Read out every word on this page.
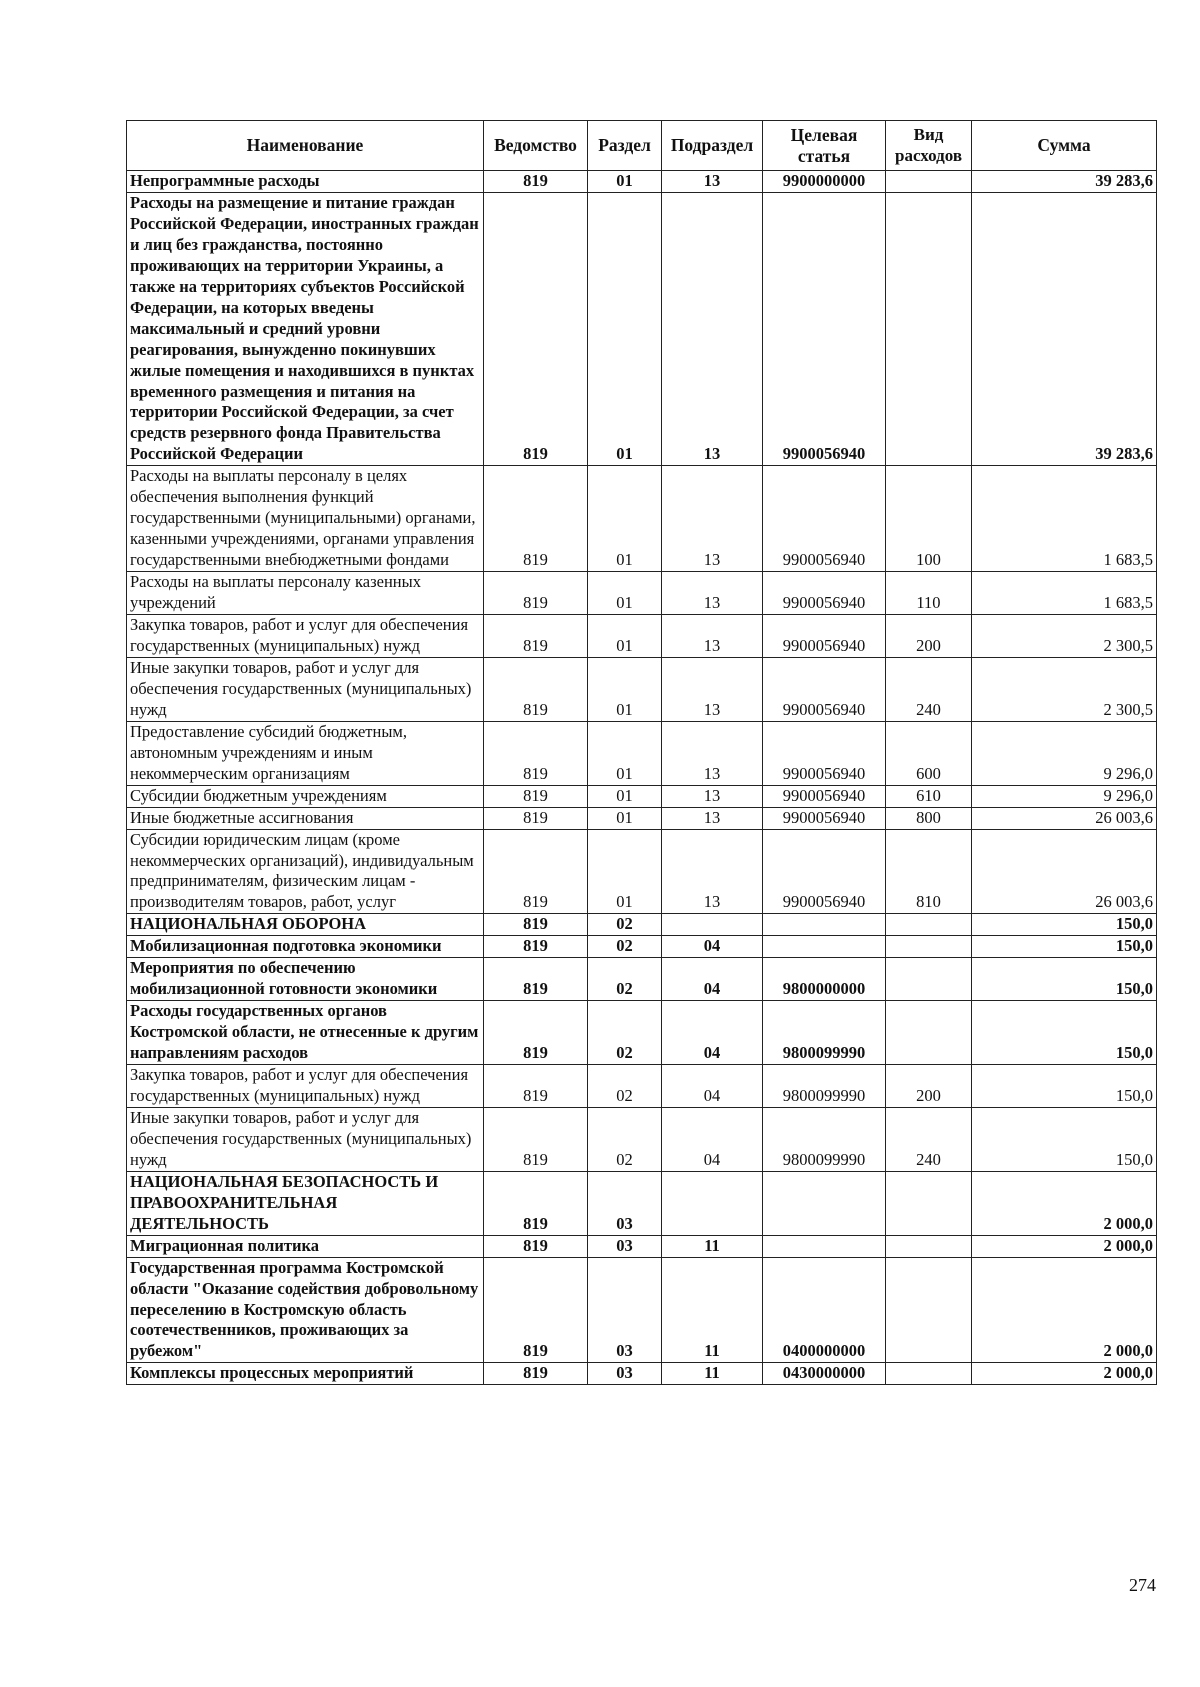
Наименование	Ведомство	Раздел	Подраздел	Целевая статья	Вид расходов	Сумма
Непрограммные расходы	819	01	13	9900000000		39 283,6
Расходы на размещение и питание граждан Российской Федерации, иностранных граждан и лиц без гражданства, постоянно проживающих на территории Украины, а также на территориях субъектов Российской Федерации, на которых введены максимальный и средний уровни реагирования, вынужденно покинувших жилые помещения и находившихся в пунктах временного размещения и питания на территории Российской Федерации, за счет средств резервного фонда Правительства Российской Федерации	819	01	13	9900056940		39 283,6
Расходы на выплаты персоналу в целях обеспечения выполнения функций государственными (муниципальными) органами, казенными учреждениями, органами управления государственными внебюджетными фондами	819	01	13	9900056940	100	1 683,5
Расходы на выплаты персоналу казенных учреждений	819	01	13	9900056940	110	1 683,5
Закупка товаров, работ и услуг для обеспечения государственных (муниципальных) нужд	819	01	13	9900056940	200	2 300,5
Иные закупки товаров, работ и услуг для обеспечения государственных (муниципальных) нужд	819	01	13	9900056940	240	2 300,5
Предоставление субсидий бюджетным, автономным учреждениям и иным некоммерческим организациям	819	01	13	9900056940	600	9 296,0
Субсидии бюджетным учреждениям	819	01	13	9900056940	610	9 296,0
Иные бюджетные ассигнования	819	01	13	9900056940	800	26 003,6
Субсидии юридическим лицам (кроме некоммерческих организаций), индивидуальным предпринимателям, физическим лицам - производителям товаров, работ, услуг	819	01	13	9900056940	810	26 003,6
НАЦИОНАЛЬНАЯ ОБОРОНА	819	02				150,0
Мобилизационная подготовка экономики	819	02	04			150,0
Мероприятия по обеспечению мобилизационной готовности экономики	819	02	04	9800000000		150,0
Расходы государственных органов Костромской области, не отнесенные к другим направлениям расходов	819	02	04	9800099990		150,0
Закупка товаров, работ и услуг для обеспечения государственных (муниципальных) нужд	819	02	04	9800099990	200	150,0
Иные закупки товаров, работ и услуг для обеспечения государственных (муниципальных) нужд	819	02	04	9800099990	240	150,0
НАЦИОНАЛЬНАЯ БЕЗОПАСНОСТЬ И ПРАВООХРАНИТЕЛЬНАЯ ДЕЯТЕЛЬНОСТЬ	819	03				2 000,0
Миграционная политика	819	03	11			2 000,0
Государственная программа Костромской области "Оказание содействия добровольному переселению в Костромскую область соотечественников, проживающих за рубежом"	819	03	11	0400000000		2 000,0
Комплексы процессных мероприятий	819	03	11	0430000000		2 000,0
274
